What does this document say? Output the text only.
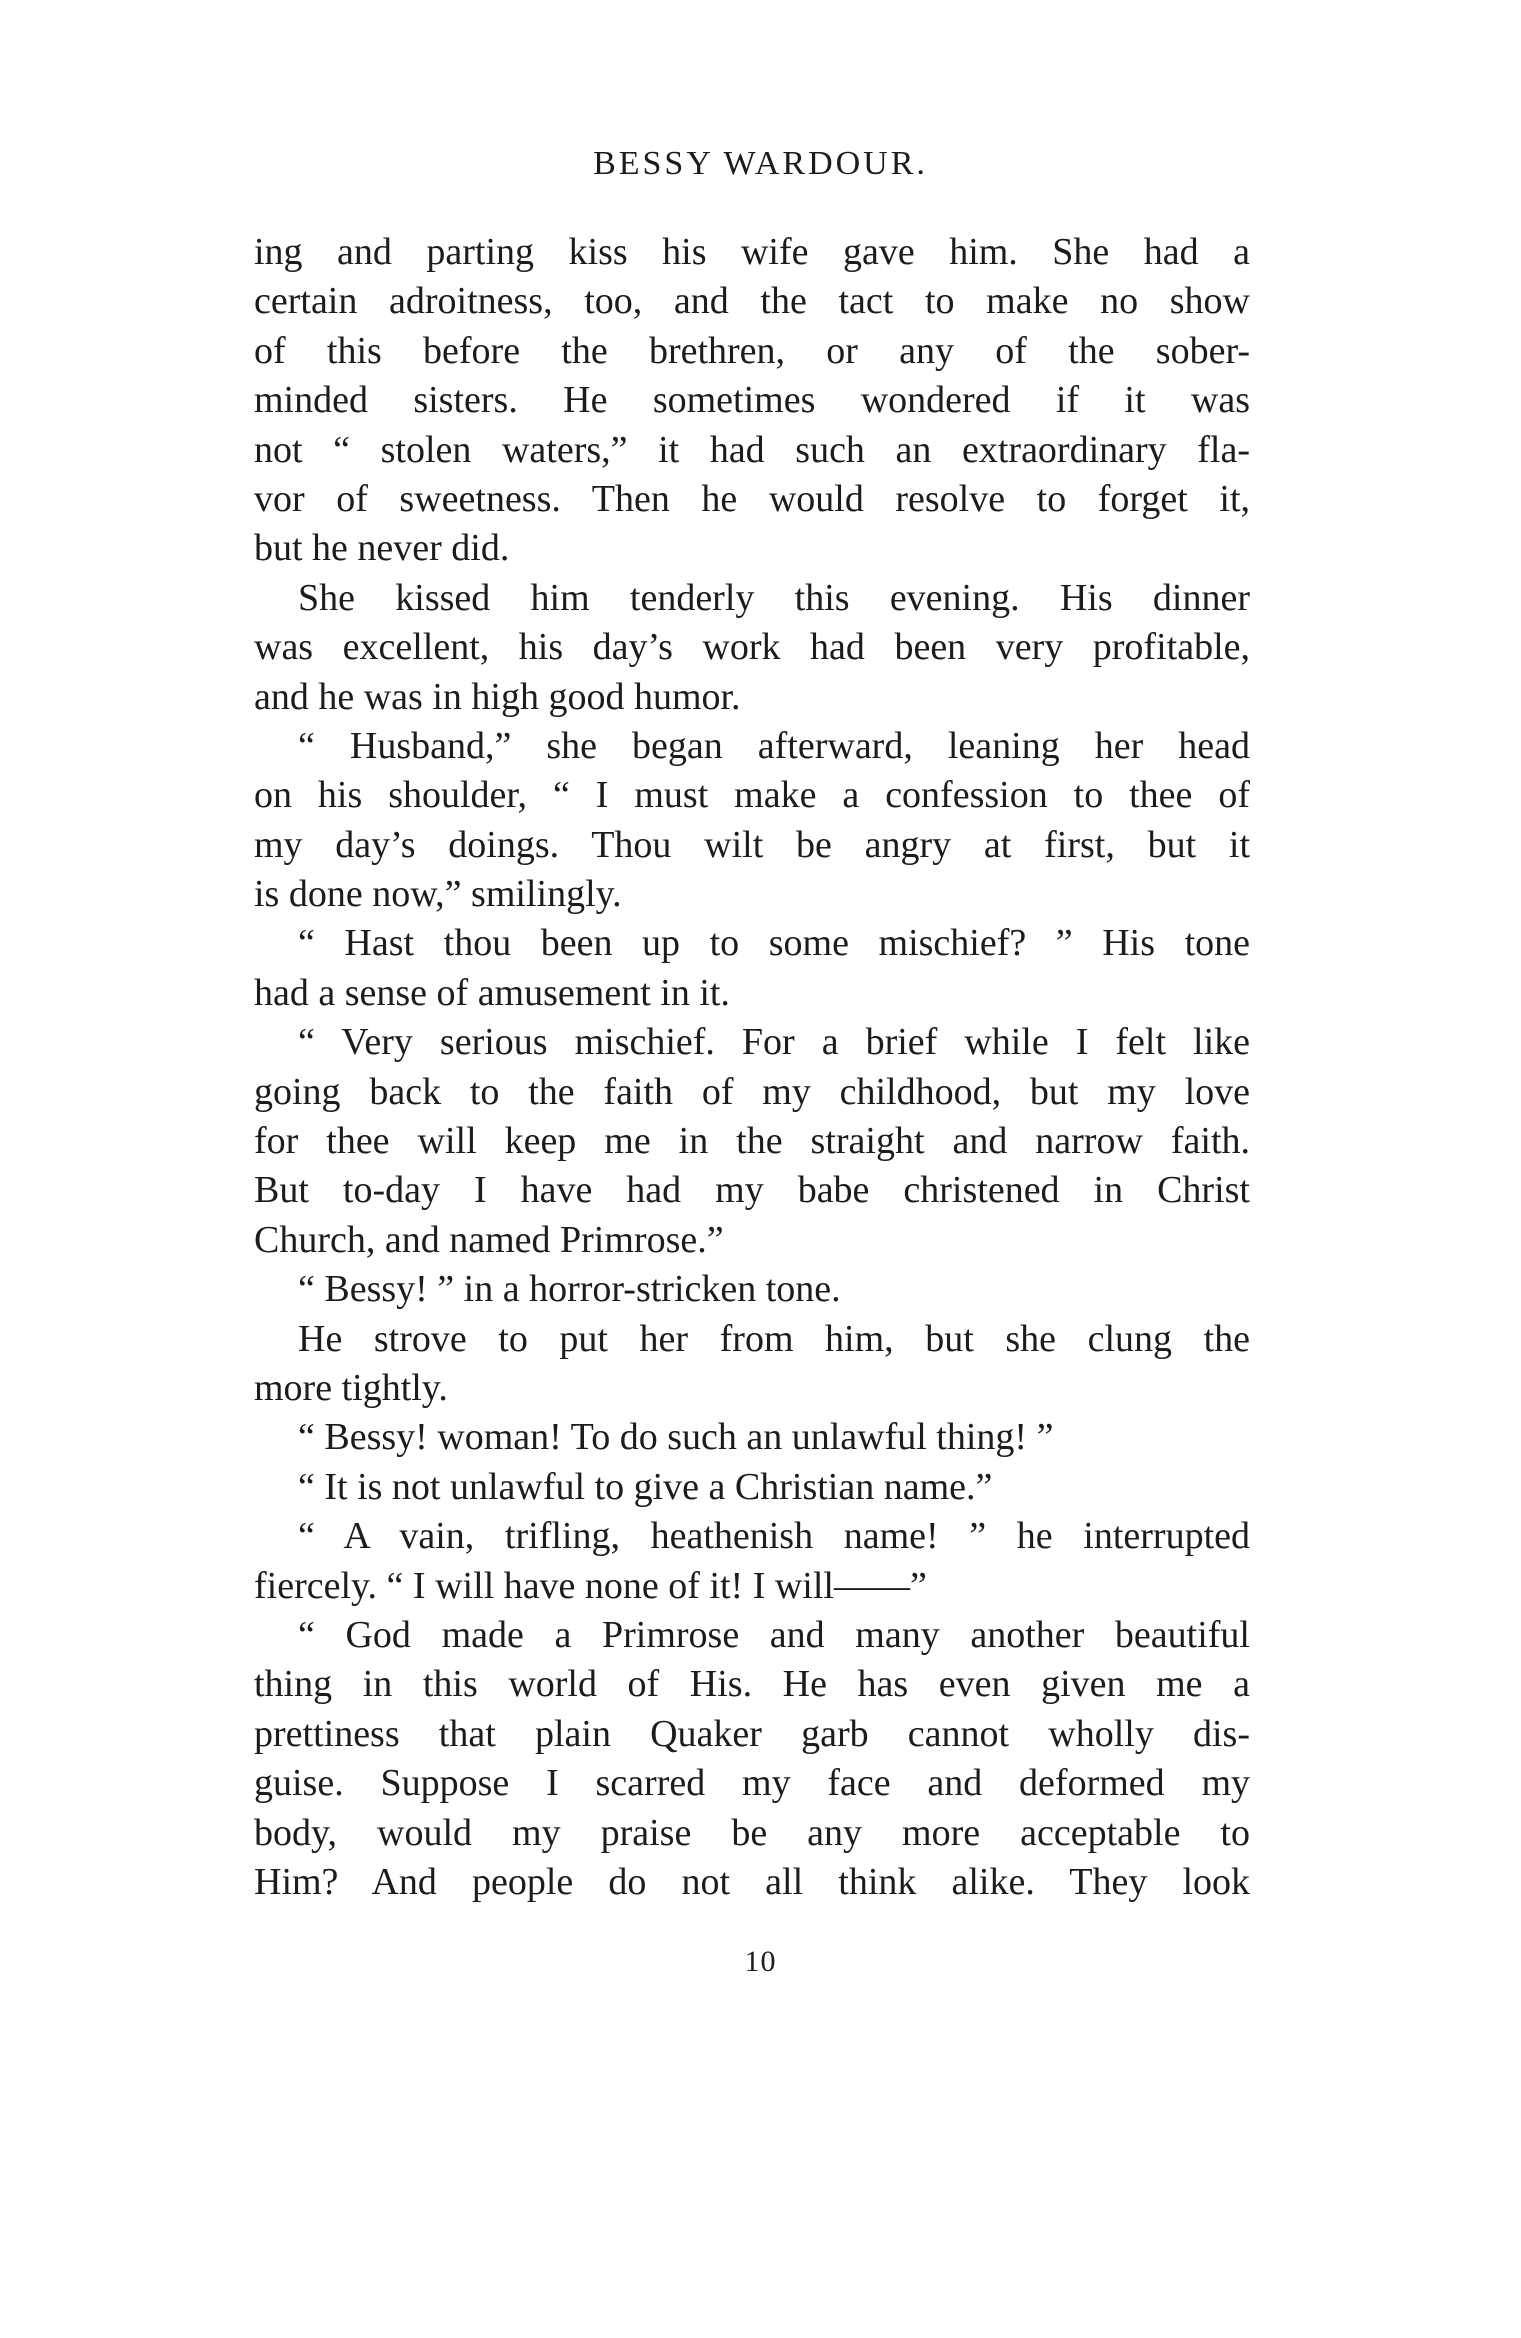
BESSY WARDOUR.
ing and parting kiss his wife gave him. She had a
certain adroitness, too, and the tact to make no show
of this before the brethren, or any of the sober-
minded sisters. He sometimes wondered if it was
not “ stolen waters,” it had such an extraordinary fla-
vor of sweetness. Then he would resolve to forget it,
but he never did.
She kissed him tenderly this evening. His dinner
was excellent, his day’s work had been very profitable,
and he was in high good humor.
“ Husband,” she began afterward, leaning her head
on his shoulder, “ I must make a confession to thee of
my day’s doings. Thou wilt be angry at first, but it
is done now,” smilingly.
“ Hast thou been up to some mischief? ” His tone
had a sense of amusement in it.
“ Very serious mischief. For a brief while I felt like
going back to the faith of my childhood, but my love
for thee will keep me in the straight and narrow faith.
But to-day I have had my babe christened in Christ
Church, and named Primrose.”
“ Bessy! ” in a horror-stricken tone.
He strove to put her from him, but she clung the
more tightly.
“ Bessy! woman! To do such an unlawful thing! ”
“ It is not unlawful to give a Christian name.”
“ A vain, trifling, heathenish name! ” he interrupted
fiercely. “ I will have none of it! I will——”
“ God made a Primrose and many another beautiful
thing in this world of His. He has even given me a
prettiness that plain Quaker garb cannot wholly dis-
guise. Suppose I scarred my face and deformed my
body, would my praise be any more acceptable to
Him? And people do not all think alike. They look
10
